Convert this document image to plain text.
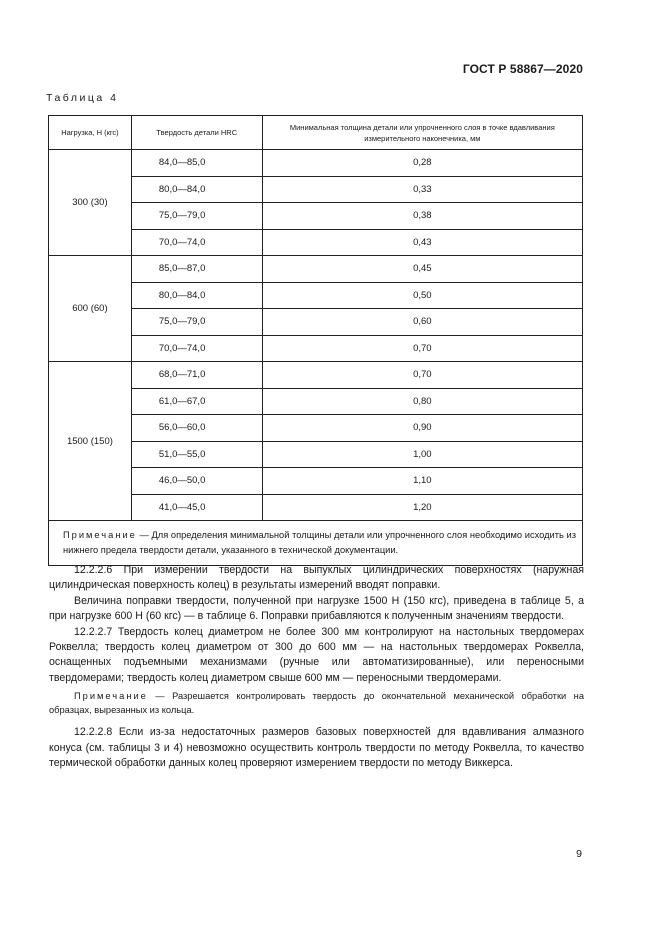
ГОСТ Р 58867—2020
Таблица 4
Нагрузка, Н (кгс)	Твердость детали HRC	Минимальная толщина детали или упрочненного слоя в точке вдавливания измерительного наконечника, мм
300 (30)	84,0—85,0	0,28
	80,0—84,0	0,33
	75,0—79,0	0,38
	70,0—74,0	0,43
600 (60)	85,0—87,0	0,45
	80,0—84,0	0,50
	75,0—79,0	0,60
	70,0—74,0	0,70
1500 (150)	68,0—71,0	0,70
	61,0—67,0	0,80
	56,0—60,0	0,90
	51,0—55,0	1,00
	46,0—50,0	1,10
	41,0—45,0	1,20
Примечание — Для определения минимальной толщины детали или упрочненного слоя необходимо исходить из нижнего предела твердости детали, указанного в технической документации.		

12.2.2.6 При измерении твердости на выпуклых цилиндрических поверхностях (наружная цилиндрическая поверхность колец) в результаты измерений вводят поправки.

Величина поправки твердости, полученной при нагрузке 1500 Н (150 кгс), приведена в таблице 5, а при нагрузке 600 Н (60 кгс) — в таблице 6. Поправки прибавляются к полученным значениям твердости.

12.2.2.7 Твердость колец диаметром не более 300 мм контролируют на настольных твердомерах Роквелла; твердость колец диаметром от 300 до 600 мм — на настольных твердомерах Роквелла, оснащенных подъемными механизмами (ручные или автоматизированные), или переносными твердомерами; твердость колец диаметром свыше 600 мм — переносными твердомерами.

Примечание — Разрешается контролировать твердость до окончательной механической обработки на образцах, вырезанных из кольца.

12.2.2.8 Если из-за недостаточных размеров базовых поверхностей для вдавливания алмазного конуса (см. таблицы 3 и 4) невозможно осуществить контроль твердости по методу Роквелла, то качество термической обработки данных колец проверяют измерением твердости по методу Виккерса.

9
